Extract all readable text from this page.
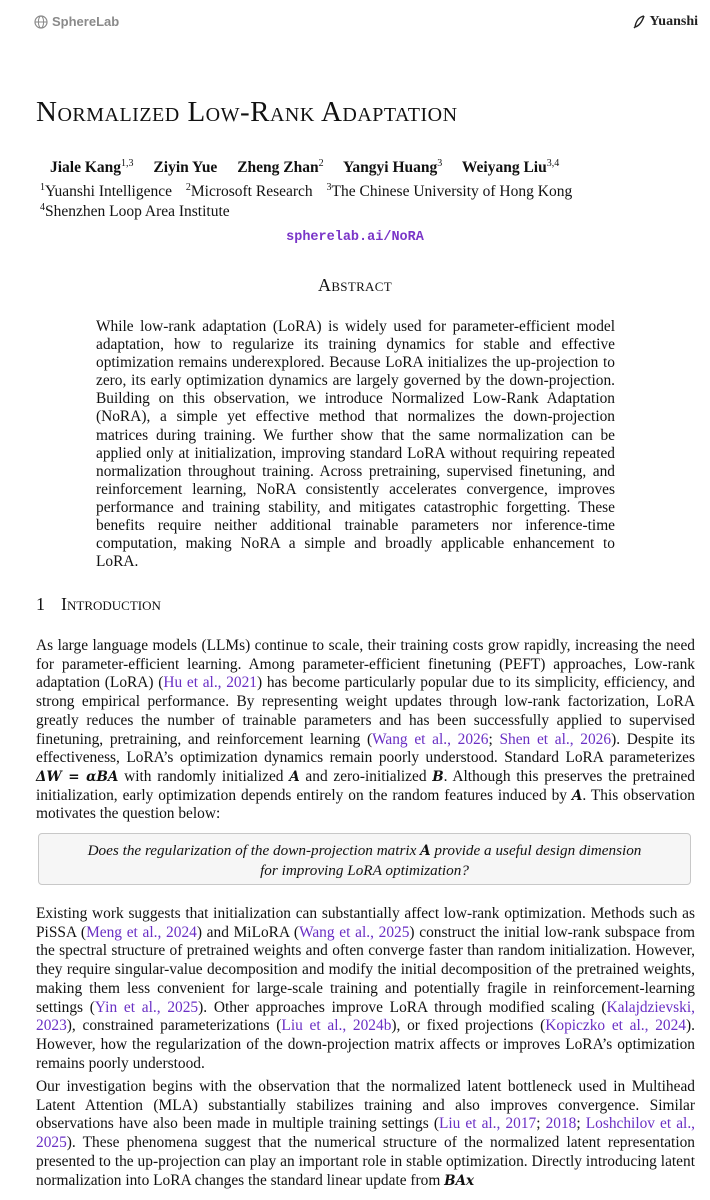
SphereLab	Yuanshi
Normalized Low-Rank Adaptation
Jiale Kang$^{1,3}$ Ziyin Yue Zheng Zhan$^2$ Yangyi Huang$^3$ Weiyang Liu$^{3,4}$
$^1$Yuanshi Intelligence $^2$Microsoft Research $^3$The Chinese University of Hong Kong
$^4$Shenzhen Loop Area Institute
spherelab.ai/NoRA
Abstract
While low-rank adaptation (LoRA) is widely used for parameter-efficient model adaptation, how to regularize its training dynamics for stable and effective optimization remains underexplored. Because LoRA initializes the up-projection to zero, its early optimization dynamics are largely governed by the down-projection. Building on this observation, we introduce Normalized Low-Rank Adaptation (NoRA), a simple yet effective method that normalizes the down-projection matrices during training. We further show that the same normalization can be applied only at initialization, improving standard LoRA without requiring repeated normalization throughout training. Across pretraining, supervised finetuning, and reinforcement learning, NoRA consistently accelerates convergence, improves performance and training stability, and mitigates catastrophic forgetting. These benefits require neither additional trainable parameters nor inference-time computation, making NoRA a simple and broadly applicable enhancement to LoRA.
1 Introduction
As large language models (LLMs) continue to scale, their training costs grow rapidly, increasing the need for parameter-efficient learning. Among parameter-efficient finetuning (PEFT) approaches, Low-rank adaptation (LoRA) (Hu et al., 2021) has become particularly popular due to its simplicity, efficiency, and strong empirical performance. By representing weight updates through low-rank factorization, LoRA greatly reduces the number of trainable parameters and has been successfully applied to supervised finetuning, pretraining, and reinforcement learning (Wang et al., 2026; Shen et al., 2026). Despite its effectiveness, LoRA’s optimization dynamics remain poorly understood. Standard LoRA parameterizes ΔW = αBA with randomly initialized A and zero-initialized B. Although this preserves the pretrained initialization, early optimization depends entirely on the random features induced by A. This observation motivates the question below:
Does the regularization of the down-projection matrix A provide a useful design dimension for improving LoRA optimization?
Existing work suggests that initialization can substantially affect low-rank optimization. Methods such as PiSSA (Meng et al., 2024) and MiLoRA (Wang et al., 2025) construct the initial low-rank subspace from the spectral structure of pretrained weights and often converge faster than random initialization. However, they require singular-value decomposition and modify the initial decomposition of the pretrained weights, making them less convenient for large-scale training and potentially fragile in reinforcement-learning settings (Yin et al., 2025). Other approaches improve LoRA through modified scaling (Kalajdzievski, 2023), constrained parameterizations (Liu et al., 2024b), or fixed projections (Kopiczko et al., 2024). However, how the regularization of the down-projection matrix affects or improves LoRA’s optimization remains poorly understood.
Our investigation begins with the observation that the normalized latent bottleneck used in Multihead Latent Attention (MLA) substantially stabilizes training and also improves convergence. Similar observations have also been made in multiple training settings (Liu et al., 2017; 2018; Loshchilov et al., 2025). These phenomena suggest that the numerical structure of the normalized latent representation presented to the up-projection can play an important role in stable optimization. Directly introducing latent normalization into LoRA changes the standard linear update from BAx
